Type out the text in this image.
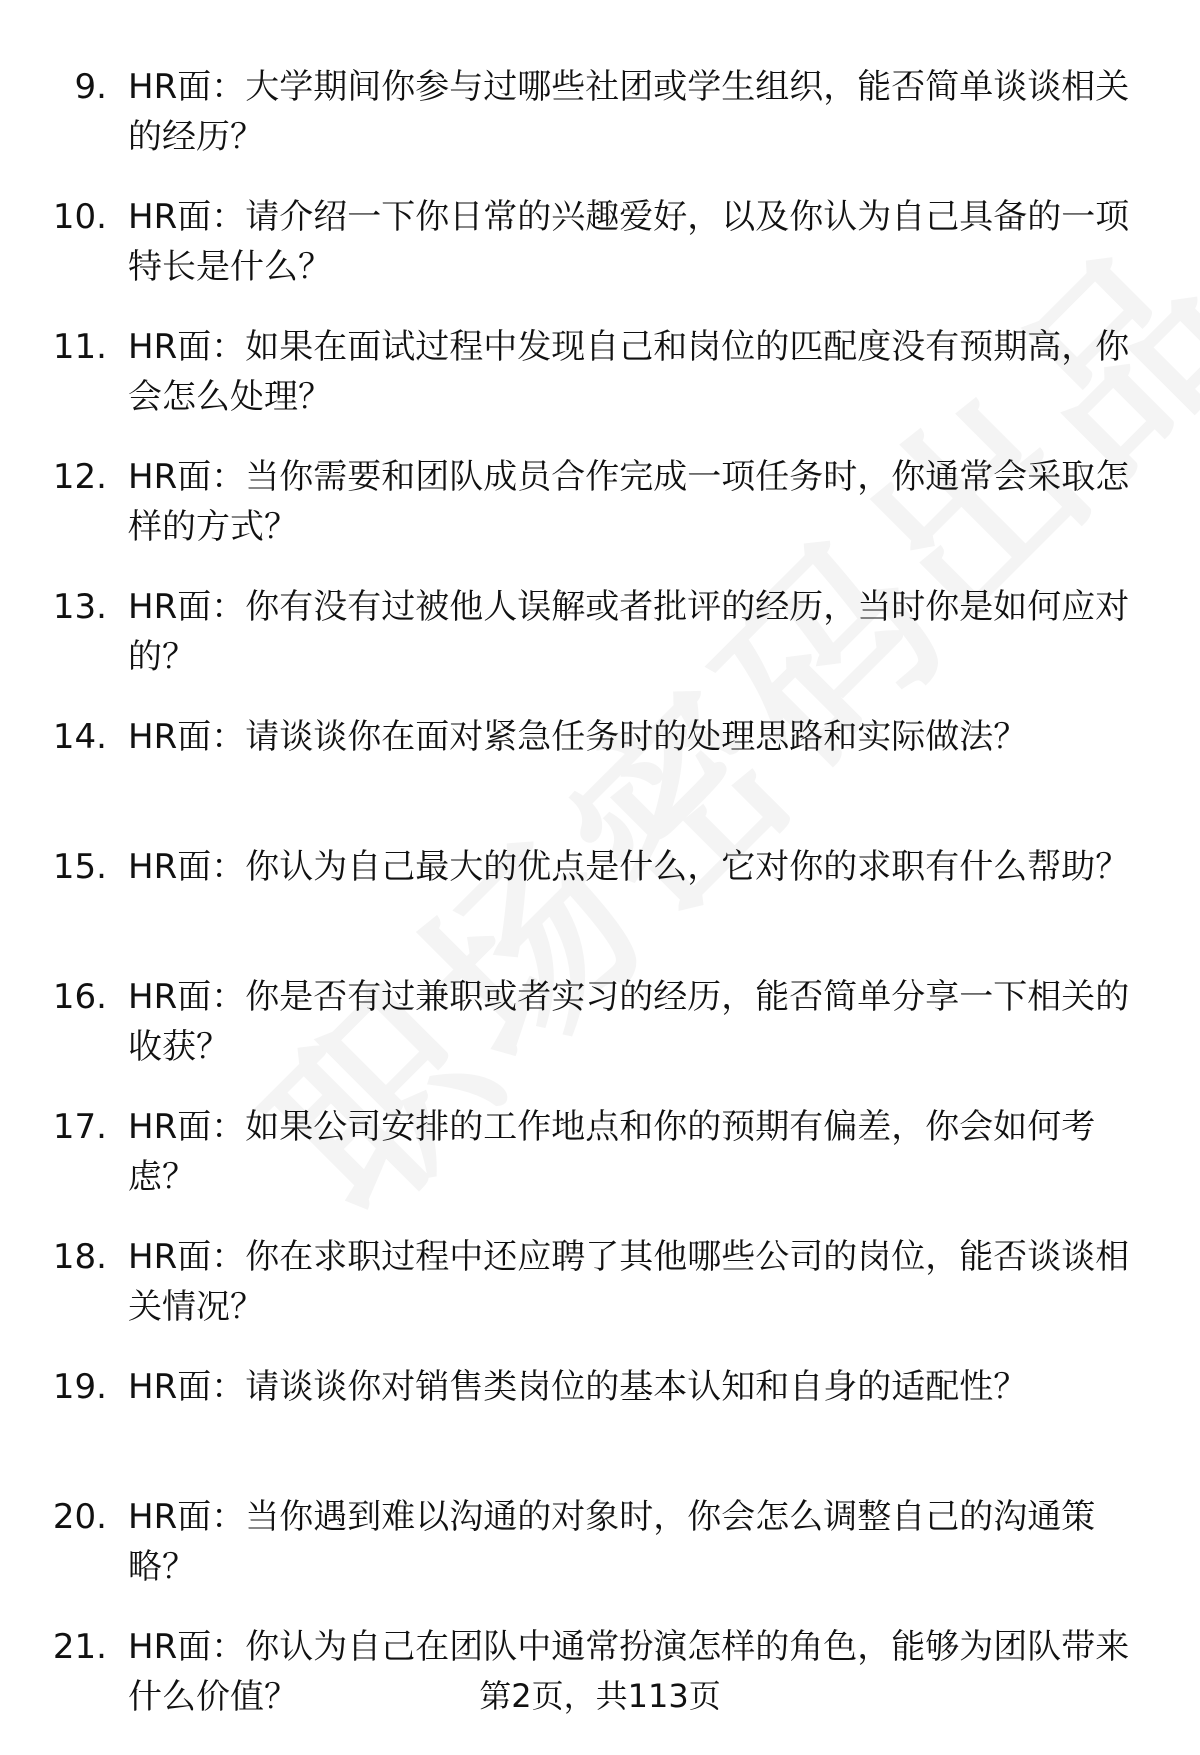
9. HR面：大学期间你参与过哪些社团或学生组织，能否简单谈谈相关的经历？
10. HR面：请介绍一下你日常的兴趣爱好，以及你认为自己具备的一项特长是什么？
11. HR面：如果在面试过程中发现自己和岗位的匹配度没有预期高，你会怎么处理？
12. HR面：当你需要和团队成员合作完成一项任务时，你通常会采取怎样的方式？
13. HR面：你有没有过被他人误解或者批评的经历，当时你是如何应对的？
14. HR面：请谈谈你在面对紧急任务时的处理思路和实际做法？
15. HR面：你认为自己最大的优点是什么，它对你的求职有什么帮助？
16. HR面：你是否有过兼职或者实习的经历，能否简单分享一下相关的收获？
17. HR面：如果公司安排的工作地点和你的预期有偏差，你会如何考虑？
18. HR面：你在求职过程中还应聘了其他哪些公司的岗位，能否谈谈相关情况？
19. HR面：请谈谈你对销售类岗位的基本认知和自身的适配性？
20. HR面：当你遇到难以沟通的对象时，你会怎么调整自己的沟通策略？
21. HR面：你认为自己在团队中通常扮演怎样的角色，能够为团队带来什么价值？	第2页，共113页
